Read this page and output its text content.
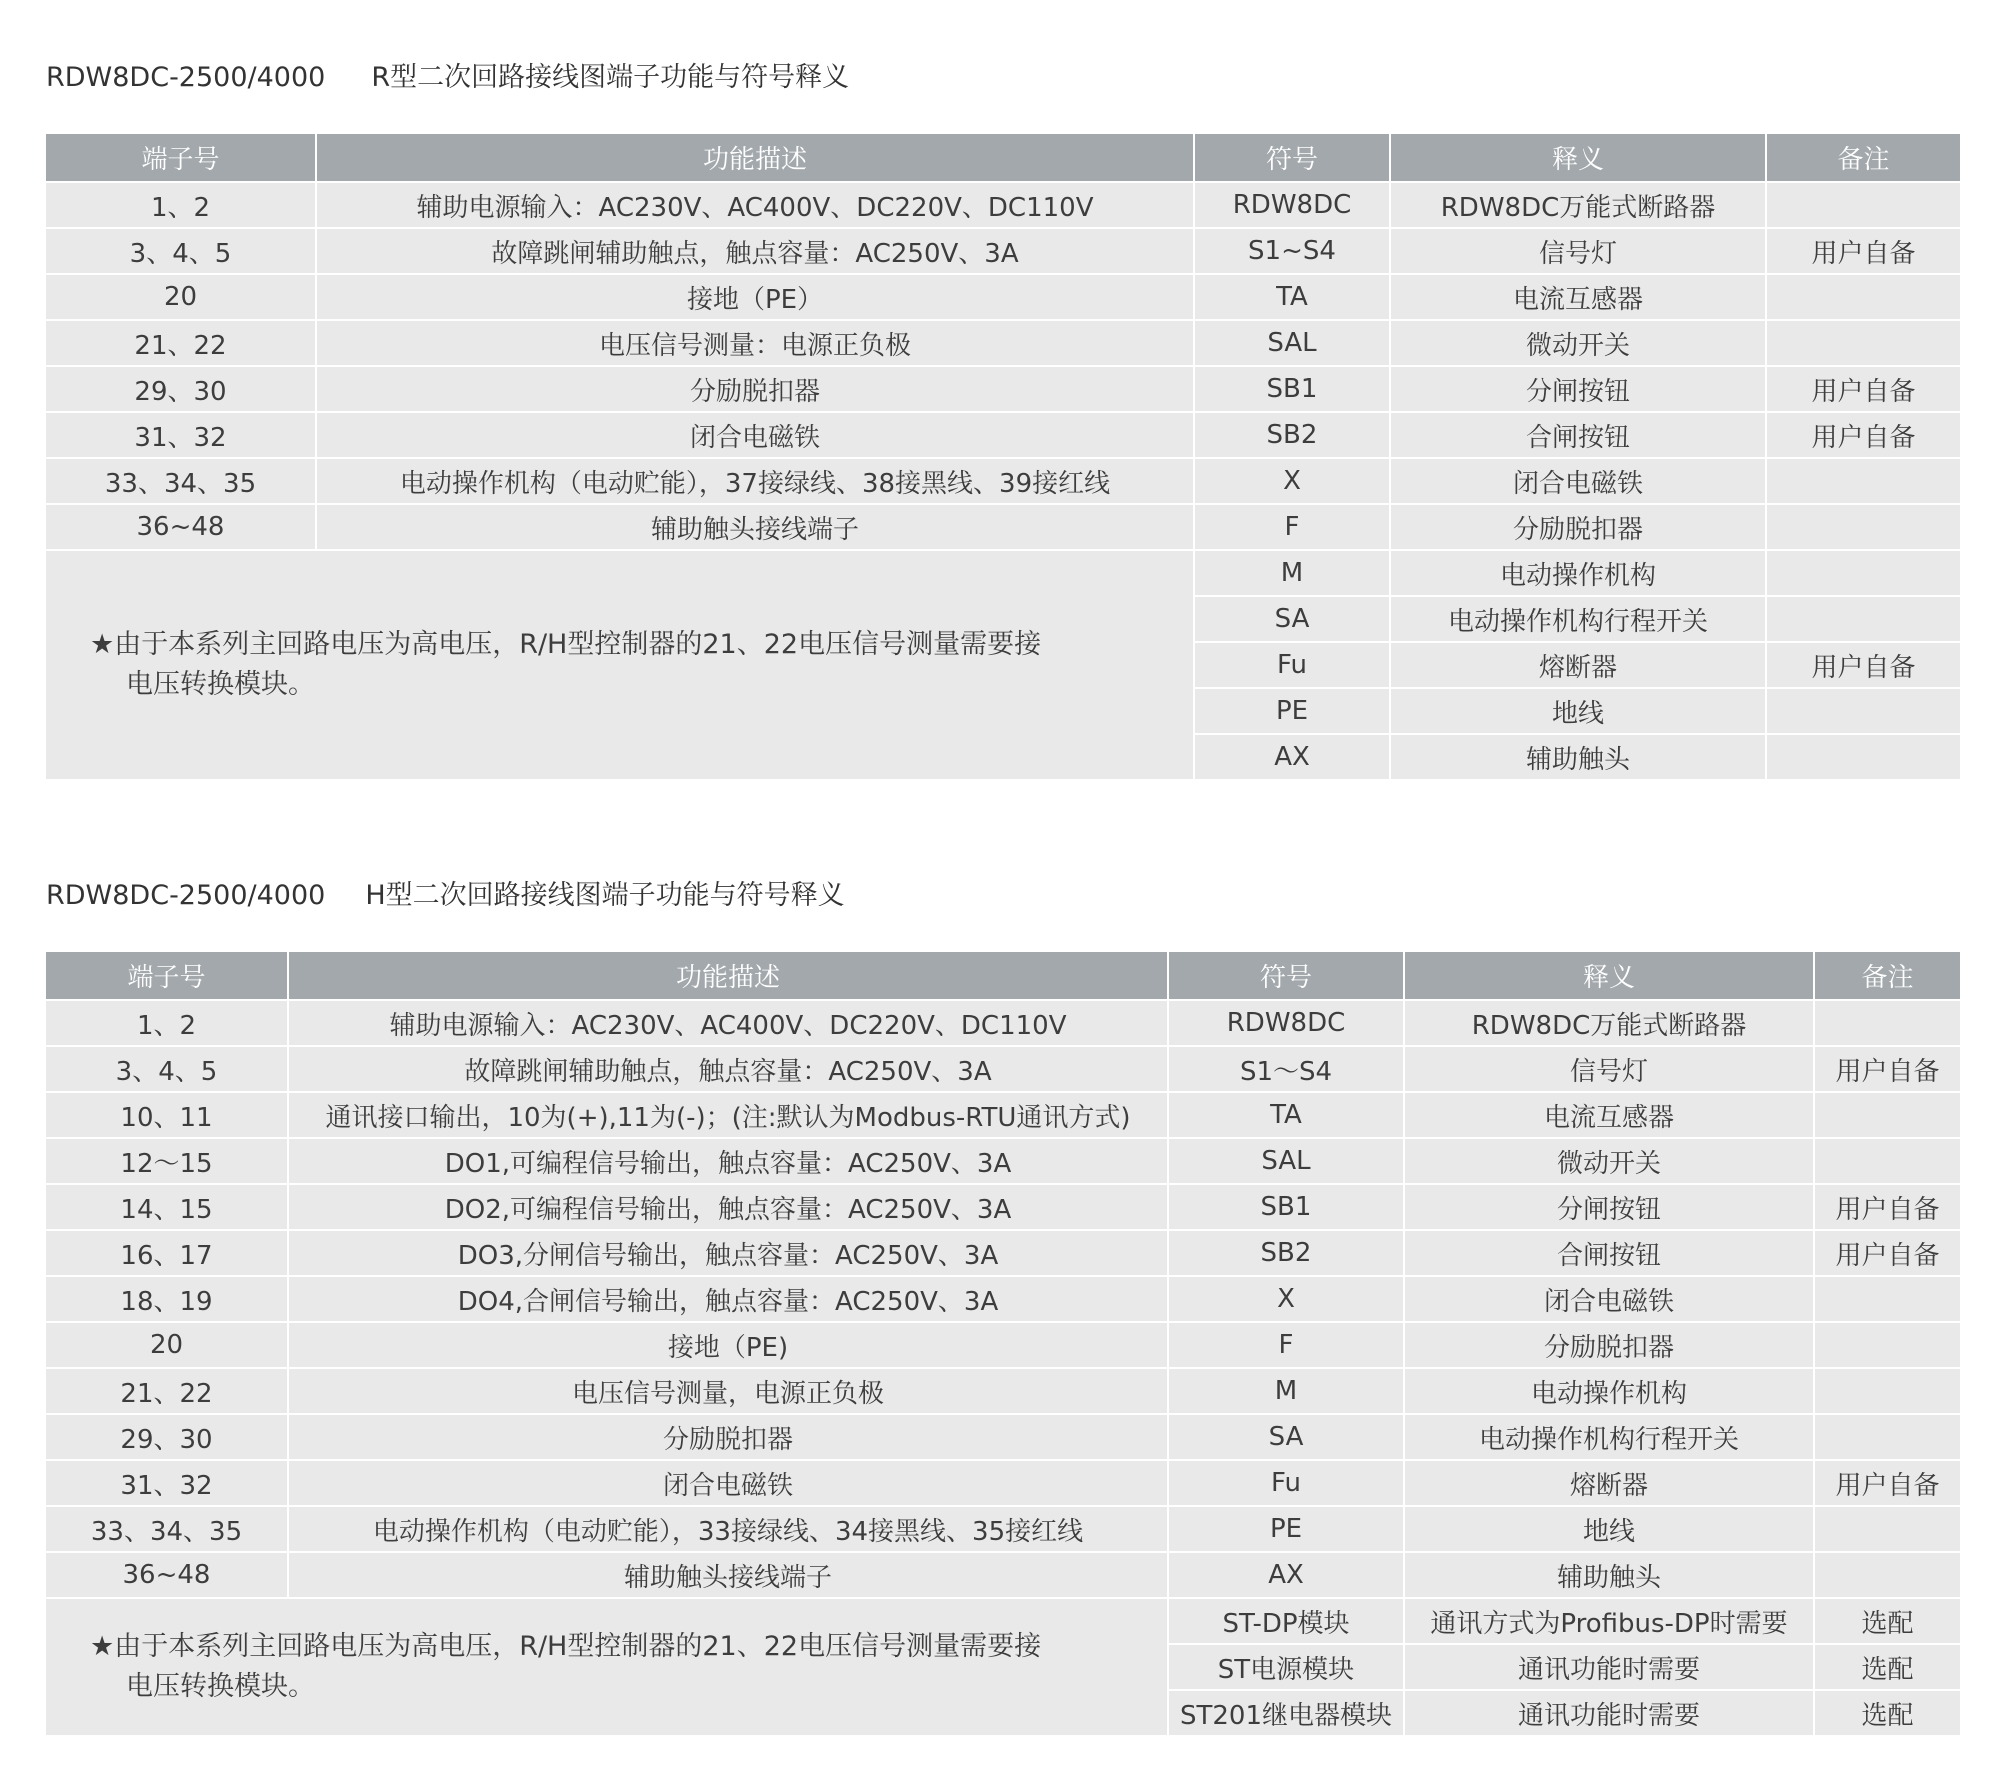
RDW8DC-2500/4000 R型二次回路接线图端子功能与符号释义
端子号	功能描述	符号	释义	备注
1、2	辅助电源输入：AC230V、AC400V、DC220V、DC110V	RDW8DC	RDW8DC万能式断路器	
3、4、5	故障跳闸辅助触点，触点容量：AC250V、3A	S1~S4	信号灯	用户自备
20	接地（PE）	TA	电流互感器	
21、22	电压信号测量：电源正负极	SAL	微动开关	
29、30	分励脱扣器	SB1	分闸按钮	用户自备
31、32	闭合电磁铁	SB2	合闸按钮	用户自备
33、34、35	电动操作机构（电动贮能），37接绿线、38接黑线、39接红线	X	闭合电磁铁	
36~48	辅助触头接线端子	F	分励脱扣器	
★由于本系列主回路电压为高电压，R/H型控制器的21、22电压信号测量需要接
电压转换模块。		M	电动操作机构	
		SA	电动操作机构行程开关	
		Fu	熔断器	用户自备
		PE	地线	
		AX	辅助触头	
RDW8DC-2500/4000 H型二次回路接线图端子功能与符号释义
端子号	功能描述	符号	释义	备注
1、2	辅助电源输入：AC230V、AC400V、DC220V、DC110V	RDW8DC	RDW8DC万能式断路器	
3、4、5	故障跳闸辅助触点，触点容量：AC250V、3A	S1～S4	信号灯	用户自备
10、11	通讯接口输出，10为(+),11为(-)；(注:默认为Modbus-RTU通讯方式)	TA	电流互感器	
12～15	DO1,可编程信号输出，触点容量：AC250V、3A	SAL	微动开关	
14、15	DO2,可编程信号输出，触点容量：AC250V、3A	SB1	分闸按钮	用户自备
16、17	DO3,分闸信号输出，触点容量：AC250V、3A	SB2	合闸按钮	用户自备
18、19	DO4,合闸信号输出，触点容量：AC250V、3A	X	闭合电磁铁	
20	接地（PE)	F	分励脱扣器	
21、22	电压信号测量，电源正负极	M	电动操作机构	
29、30	分励脱扣器	SA	电动操作机构行程开关	
31、32	闭合电磁铁	Fu	熔断器	用户自备
33、34、35	电动操作机构（电动贮能），33接绿线、34接黑线、35接红线	PE	地线	
36~48	辅助触头接线端子	AX	辅助触头	
★由于本系列主回路电压为高电压，R/H型控制器的21、22电压信号测量需要接
电压转换模块。		ST-DP模块	通讯方式为Profibus-DP时需要	选配
		ST电源模块	通讯功能时需要	选配
		ST201继电器模块	通讯功能时需要	选配
